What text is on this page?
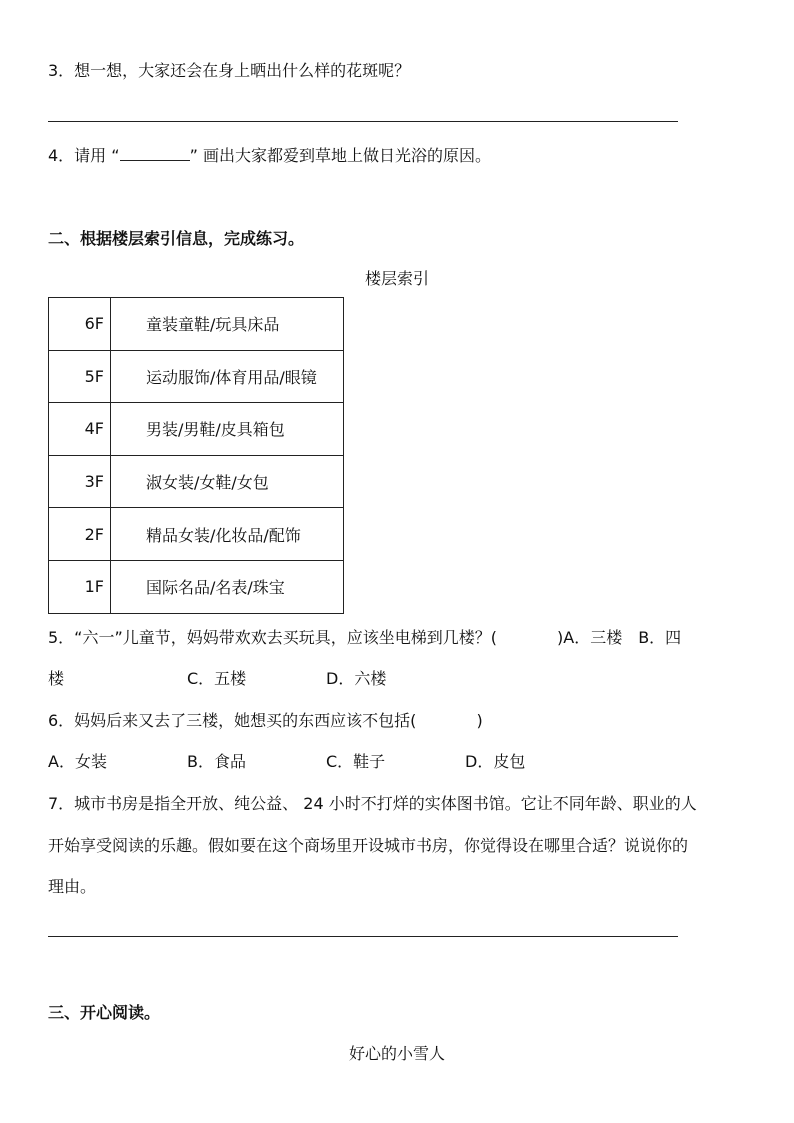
3．想一想，大家还会在身上晒出什么样的花斑呢？
4．请用 “	” 画出大家都爱到草地上做日光浴的原因。
二、根据楼层索引信息，完成练习。
楼层索引
6F	童装童鞋/玩具床品
5F	运动服饰/体育用品/眼镜
4F	男装/男鞋/皮具箱包
3F	淑女装/女鞋/女包
2F	精品女装/化妆品/配饰
1F	国际名品/名表/珠宝
5．“六一”儿童节，妈妈带欢欢去买玩具，应该坐电梯到几楼？(	)A．三楼　B．四
楼	C．五楼	D．六楼
6．妈妈后来又去了三楼，她想买的东西应该不包括(	)
A．女装	B．食品	C．鞋子	D．皮包
7．城市书房是指全开放、纯公益、 24 小时不打烊的实体图书馆。它让不同年龄、职业的人
开始享受阅读的乐趣。假如要在这个商场里开设城市书房，你觉得设在哪里合适？说说你的
理由。
三、开心阅读。
好心的小雪人
